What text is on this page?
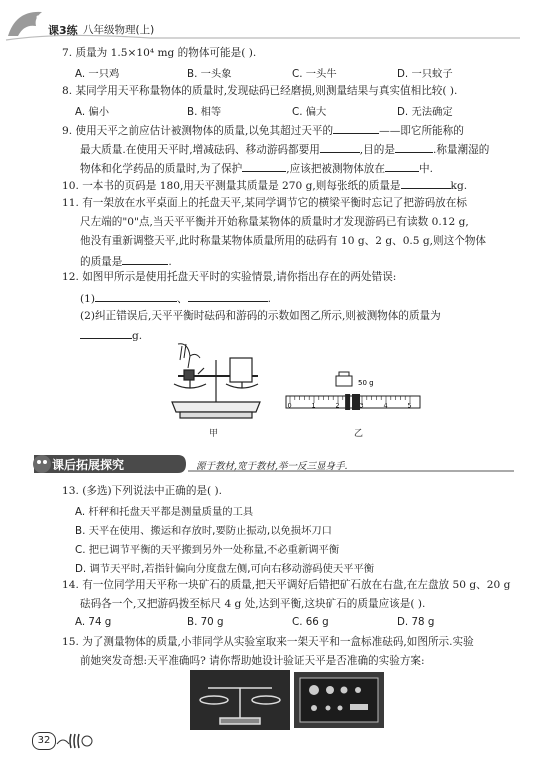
课3练 八年级物理(上)
7. 质量为 1.5×10⁴ mg 的物体可能是( ).
A. 一只鸡	B. 一头象	C. 一头牛	D. 一只蚊子
8. 某同学用天平称量物体的质量时,发现砝码已经磨损,则测量结果与真实值相比较( ).
A. 偏小	B. 相等	C. 偏大	D. 无法确定
9. 使用天平之前应估计被测物体的质量,以免其超过天平的	——即它所能称的
最大质量.在使用天平时,增减砝码、移动游码都要用	,目的是	.称量潮湿的
物体和化学药品的质量时,为了保护	,应该把被测物体放在	中.
10. 一本书的页码是 180,用天平测量其质量是 270 g,则每张纸的质量是	kg.
11. 有一架放在水平桌面上的托盘天平,某同学调节它的横梁平衡时忘记了把游码放在标
尺左端的"0"点,当天平平衡并开始称量某物体的质量时才发现游码已有读数 0.12 g,
他没有重新调整天平,此时称量某物体质量所用的砝码有 10 g、2 g、0.5 g,则这个物体
的质量是	.
12. 如图甲所示是使用托盘天平时的实验情景,请你指出存在的两处错误:
(1)	、	.
(2)纠正错误后,天平平衡时砝码和游码的示数如图乙所示,则被测物体的质量为
g.
甲
50 g
0	1	2	3	4	5
乙
课后拓展探究	源于教材,宽于教材,举一反三显身手.
13. (多选)下列说法中正确的是( ).
A. 杆秤和托盘天平都是测量质量的工具
B. 天平在使用、搬运和存放时,要防止振动,以免损坏刀口
C. 把已调节平衡的天平搬到另外一处称量,不必重新调平衡
D. 调节天平时,若指针偏向分度盘左侧,可向右移动游码使天平平衡
14. 有一位同学用天平称一块矿石的质量,把天平调好后错把矿石放在右盘,在左盘放 50 g、20 g
砝码各一个,又把游码拨至标尺 4 g 处,达到平衡,这块矿石的质量应该是( ).
A. 74 g	B. 70 g	C. 66 g	D. 78 g
15. 为了测量物体的质量,小菲同学从实验室取来一架天平和一盒标准砝码,如图所示.实验
前她突发奇想:天平准确吗? 请你帮助她设计验证天平是否准确的实验方案:
32
